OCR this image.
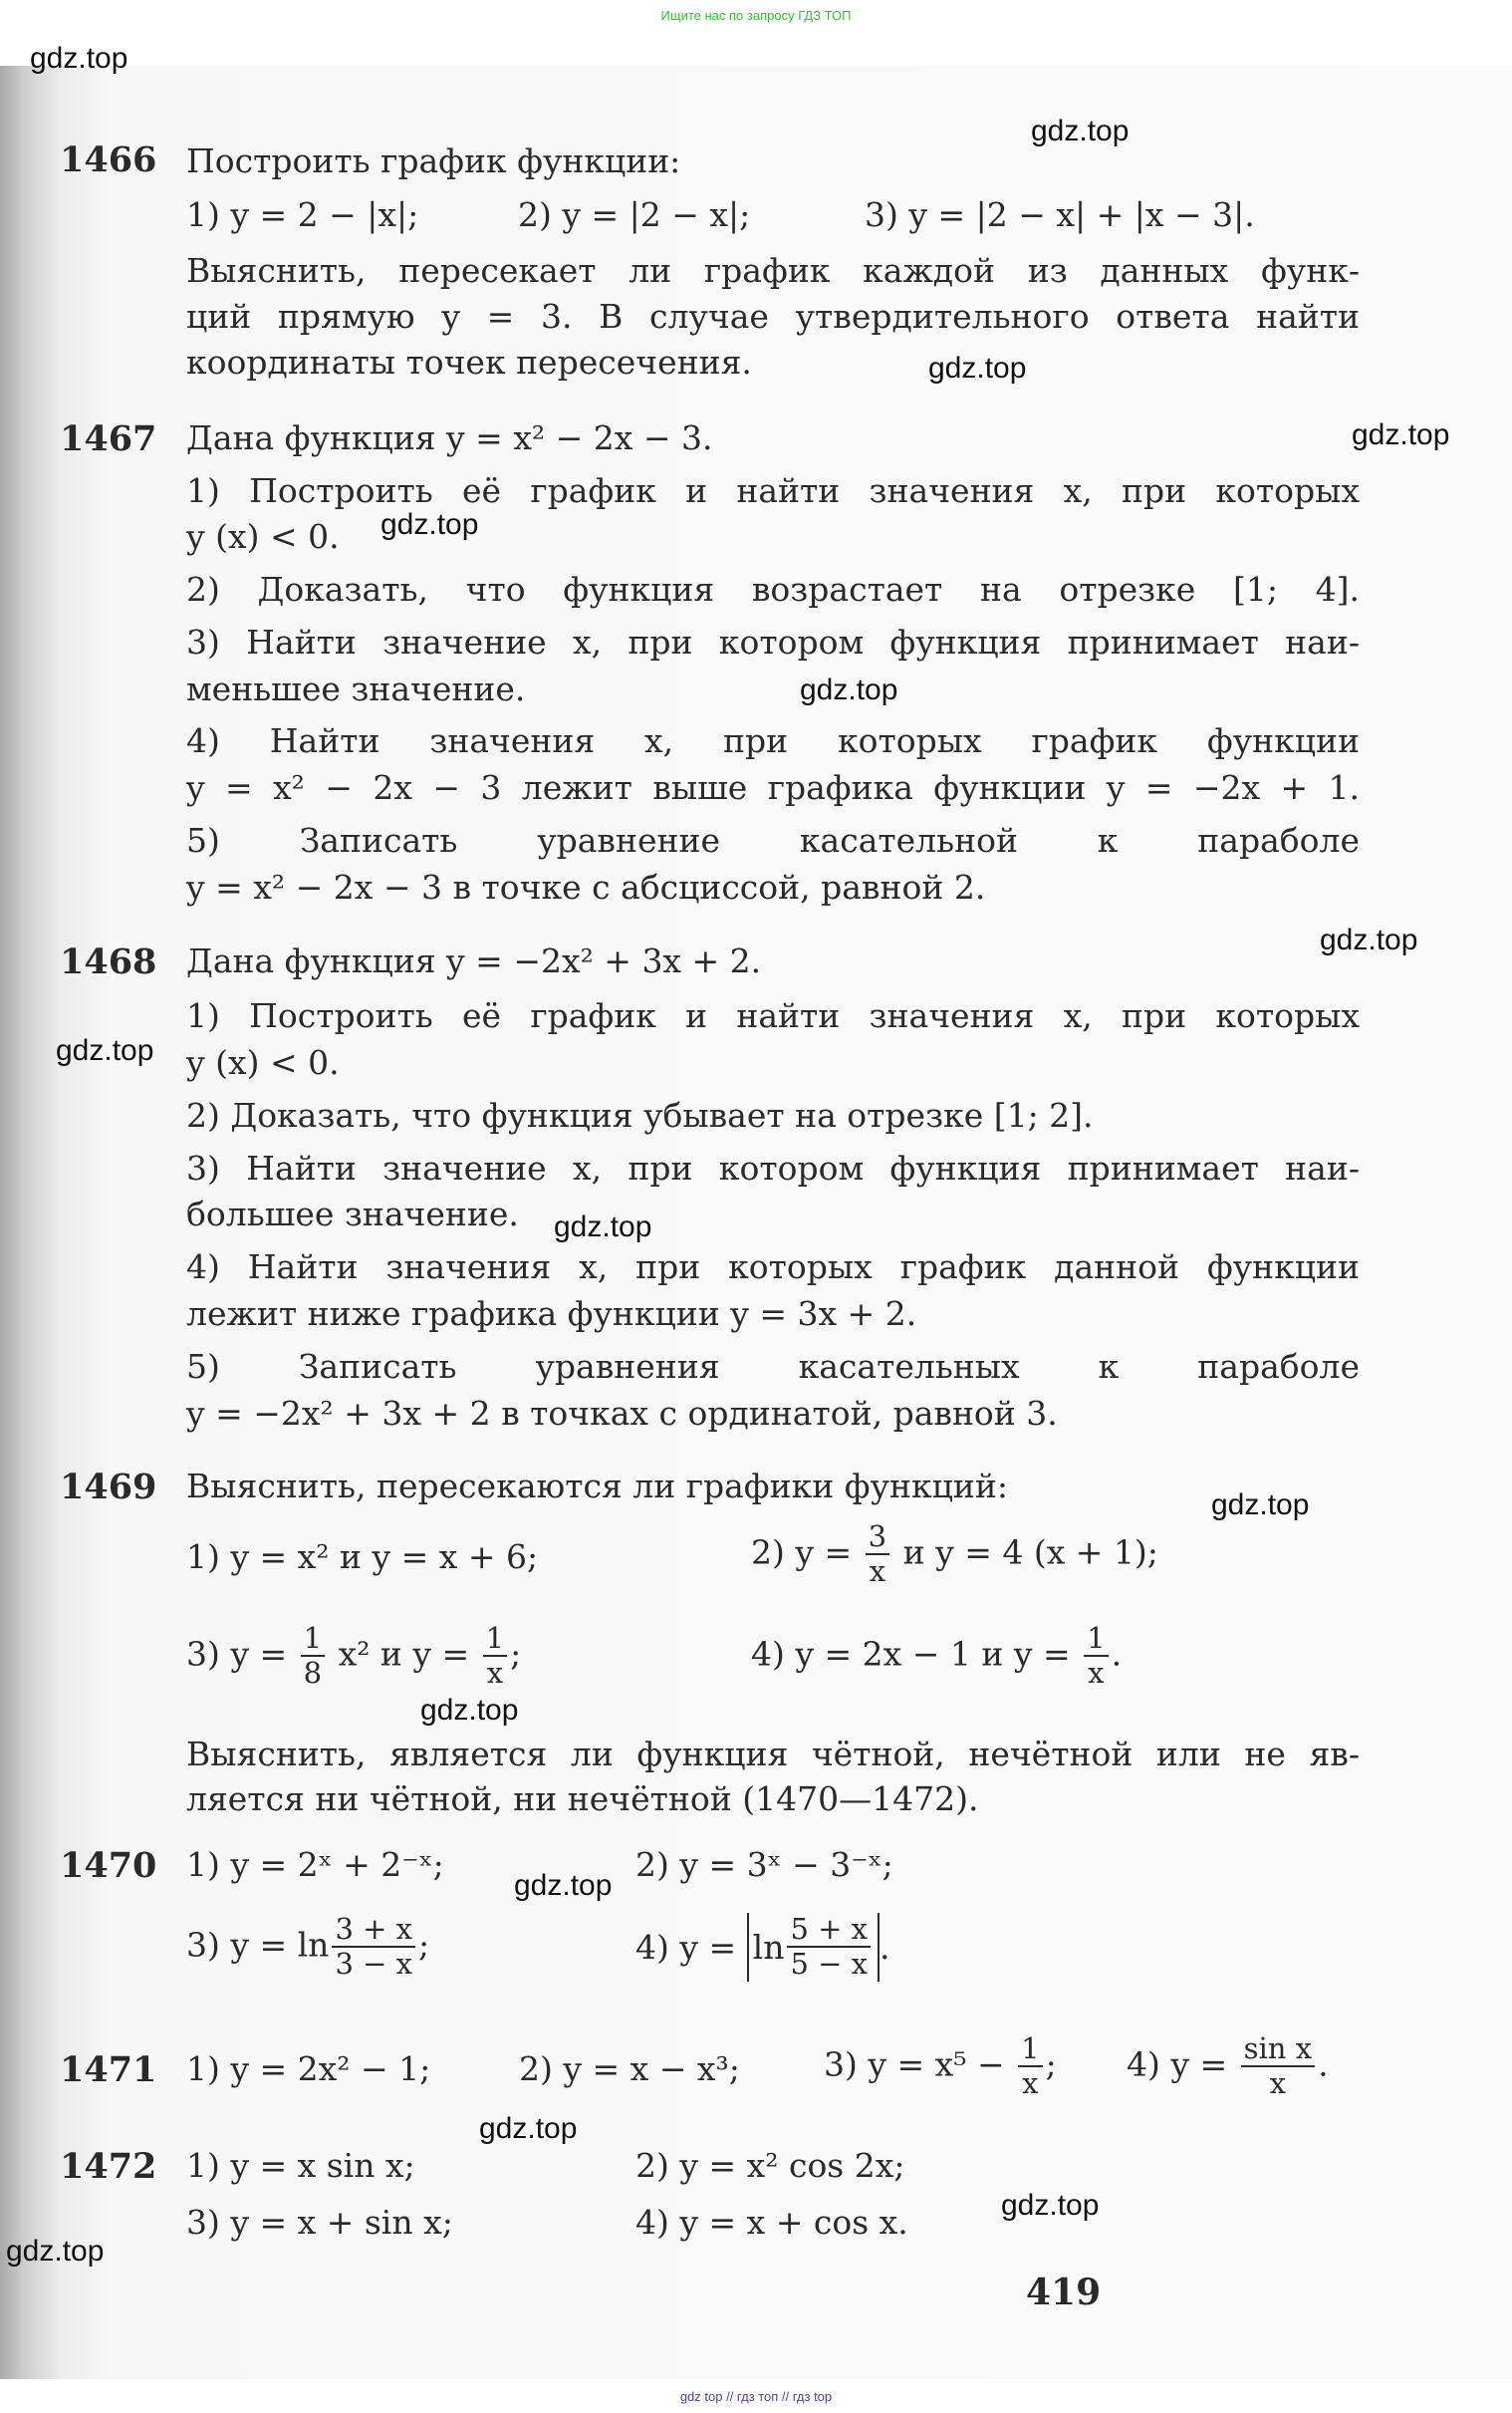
Ищите нас по запросу ГДЗ ТОП
1466 Построить график функции:
1) y = 2 − |x|;	2) y = |2 − x|;	3) y = |2 − x| + |x − 3|.
Выяснить, пересекает ли график каждой из данных функ-
ций прямую y = 3. В случае утвердительного ответа найти
координаты точек пересечения.
1467 Дана функция y = x² − 2x − 3.
1) Построить её график и найти значения x, при которых
y (x) < 0.
2) Доказать, что функция возрастает на отрезке [1; 4].
3) Найти значение x, при котором функция принимает наи-
меньшее значение.
4) Найти значения x, при которых график функции
y = x² − 2x − 3 лежит выше графика функции y = −2x + 1.
5) Записать уравнение касательной к параболе
y = x² − 2x − 3 в точке с абсциссой, равной 2.
1468 Дана функция y = −2x² + 3x + 2.
1) Построить её график и найти значения x, при которых
y (x) < 0.
2) Доказать, что функция убывает на отрезке [1; 2].
3) Найти значение x, при котором функция принимает наи-
большее значение.
4) Найти значения x, при которых график данной функции
лежит ниже графика функции y = 3x + 2.
5) Записать уравнения касательных к параболе
y = −2x² + 3x + 2 в точках с ординатой, равной 3.
1469 Выяснить, пересекаются ли графики функций:
1) y = x² и y = x + 6;	2) $y = \frac{3}{x}$ и y = 4 (x + 1);
3) $y = \frac{1}{8} x^2$ и $y = \frac{1}{x}$ ;	4) y = 2x − 1 и $y = \frac{1}{x}$ .
Выяснить, является ли функция чётной, нечётной или не яв-
ляется ни чётной, ни нечётной (1470—1472).
1470 1) y = 2ˣ + 2⁻ˣ;	2) y = 3ˣ − 3⁻ˣ;
3) $y = \ln \frac{3 + x}{3 - x}$ ;	4) $y = \ln \frac{5 + x}{5 - x}$ .
1471 1) y = 2x² − 1;	2) y = x − x³;	3) $y = x^5 - \frac{1}{x}$ ; 4) $y = \frac{\text{sin x}}{x}$ .
1472 1) y = x sin x;	2) y = x² cos 2x;
3) y = x + sin x;	4) y = x + cos x.
419
gdz.top
gdz.top
gdz.top
gdz.top
gdz.top
gdz.top
gdz.top
gdz.top
gdz.top
gdz.top
gdz.top
gdz.top
gdz.top
gdz.top
gdz.top
gdz top // гдз топ // гдз top
